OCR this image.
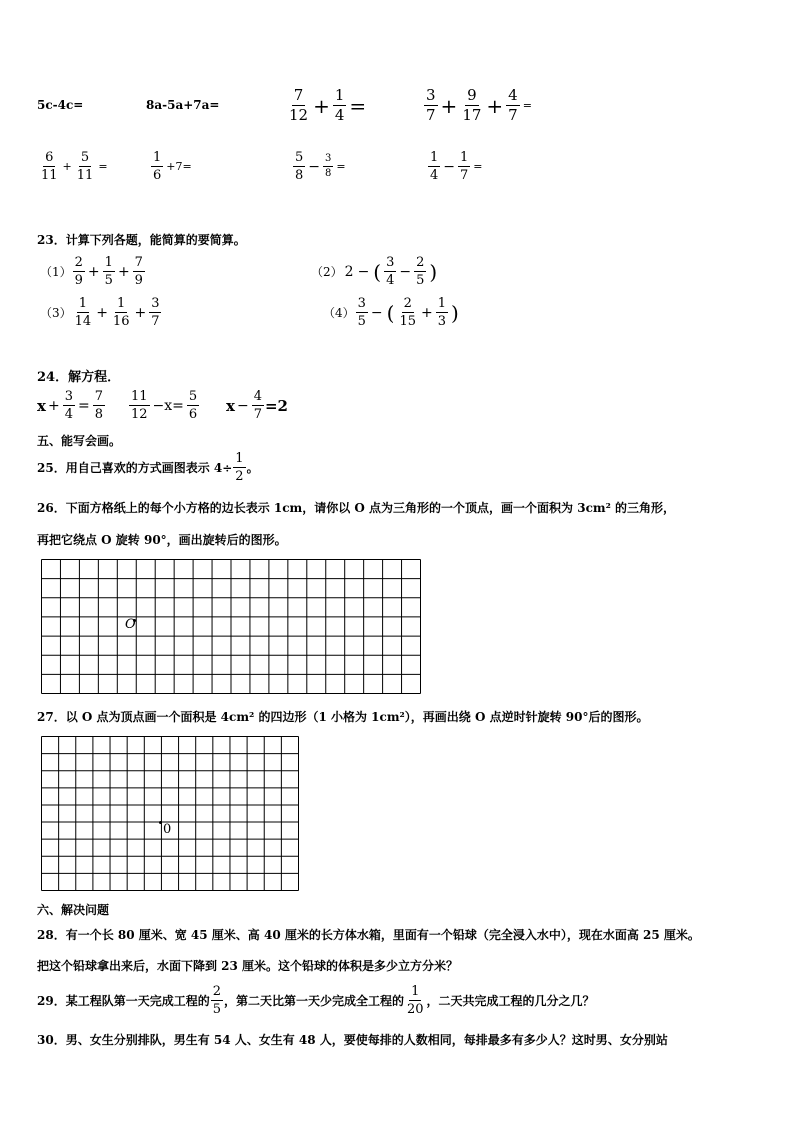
5c-4c=	8a-5a+7a=	$\frac{7}{12} + \frac{1}{4}$ =	$\frac{3}{7} + \frac{9}{17} + \frac{4}{7}$ =
$\frac{6}{11} + \frac{5}{11}$ =	$\frac{1}{6} +7=$	$\frac{5}{8} - \frac{3}{8}$ =	$\frac{1}{4} - \frac{1}{7}$ =
23．计算下列各题，能简算的要简算。
$(1) \frac{2}{9} + \frac{1}{5} + \frac{7}{9}$	（2） 2 − ( $\frac{3}{4} - \frac{2}{5}$ )
$(3) \frac{1}{14} + \frac{1}{16} + \frac{3}{7}$	$(4) \frac{3}{5}$ − ( $\frac{2}{15} + \frac{1}{3}$ )
24．解方程．
$x + \frac{3}{4} = \frac{7}{8} \frac{11}{12} -x= \frac{5}{6}$ $x - \frac{4}{7} =2$
五、能写会画。
25．用自己喜欢的方式画图表示 $4\div \frac{1}{2}$ 。
26．下面方格纸上的每个小方格的边长表示 1cm，请你以 O 点为三角形的一个顶点，画一个面积为 3cm² 的三角形，
再把它绕点 O 旋转 90°，画出旋转后的图形。
O
27．以 O 点为顶点画一个面积是 4cm² 的四边形（1 小格为 1cm²），再画出绕 O 点逆时针旋转 90°后的图形。
0
六、解决问题
28．有一个长 80 厘米、宽 45 厘米、高 40 厘米的长方体水箱，里面有一个铅球（完全浸入水中），现在水面高 25 厘米。
把这个铅球拿出来后，水面下降到 23 厘米。这个铅球的体积是多少立方分米？
29．某工程队第一天完成工程的 $\frac{2}{5}$ ，第二天比第一天少完成全工程的 $\frac{1}{20}$ ，二天共完成工程的几分之几？
30．男、女生分别排队，男生有 54 人、女生有 48 人，要使每排的人数相同，每排最多有多少人？这时男、女分别站
